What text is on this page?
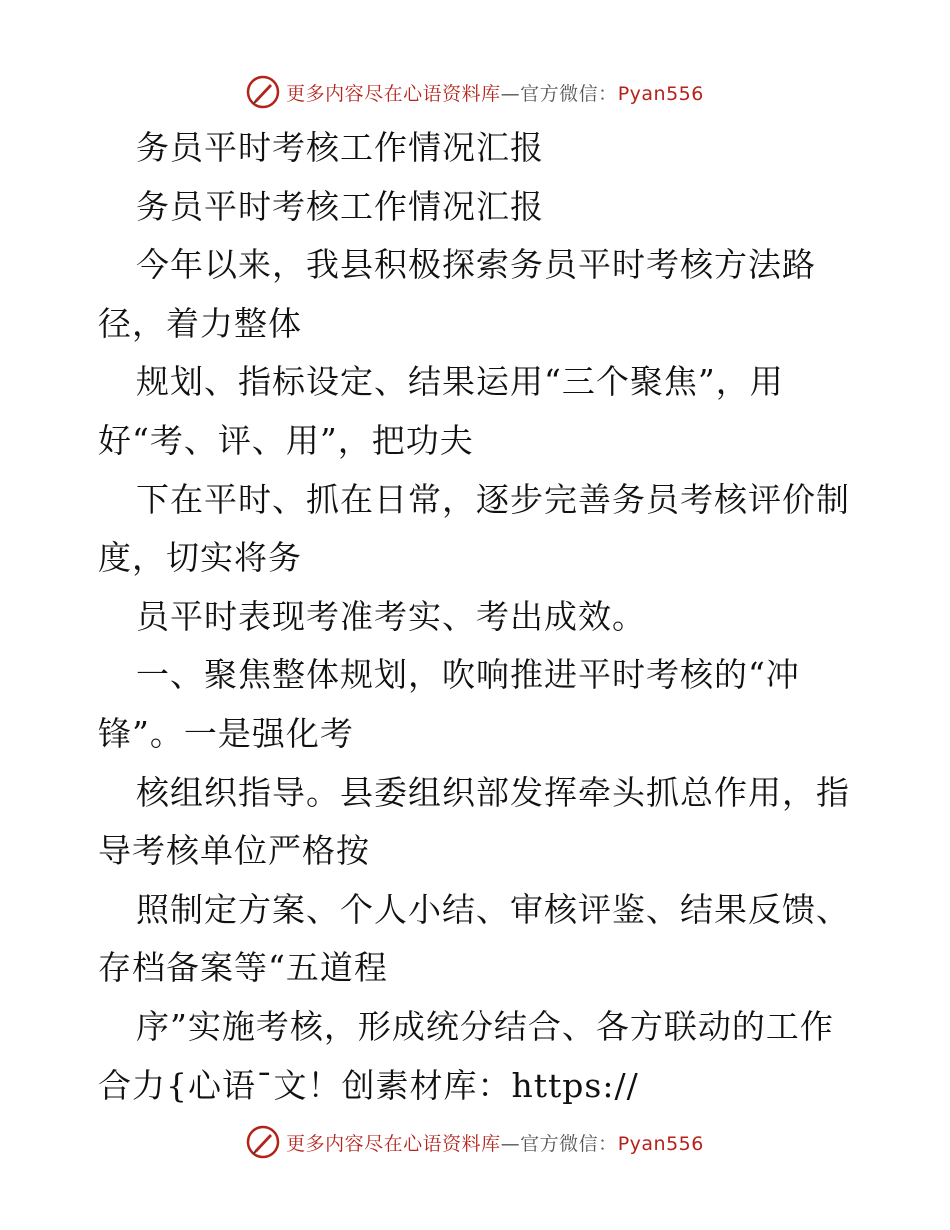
更多内容尽在心语资料库—官方微信：Pyan556
务员平时考核工作情况汇报
务员平时考核工作情况汇报
今年以来，我县积极探索务员平时考核方法路
径，着力整体
规划、指标设定、结果运用“三个聚焦”，用
好“考、评、用”，把功夫
下在平时、抓在日常，逐步完善务员考核评价制
度，切实将务
员平时表现考准考实、考出成效。
一、聚焦整体规划，吹响推进平时考核的“冲
锋”。一是强化考
核组织指导。县委组织部发挥牵头抓总作用，指
导考核单位严格按
照制定方案、个人小结、审核评鉴、结果反馈、
存档备案等“五道程
序”实施考核，形成统分结合、各方联动的工作
合力{心语¯文！创素材库：https://
更多内容尽在心语资料库—官方微信：Pyan556
